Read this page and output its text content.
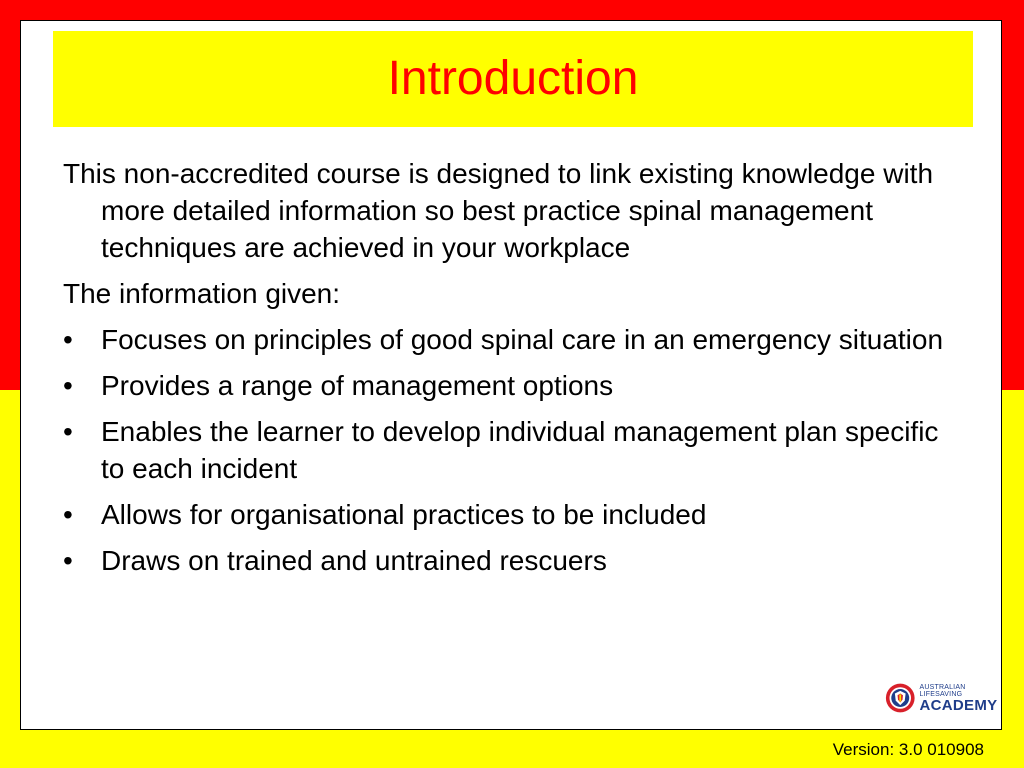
Introduction

This non-accredited course is designed to link existing knowledge with more detailed information so best practice spinal management techniques are achieved in your workplace

The information given:

•	Focuses on principles of good spinal care in an emergency situation
•	Provides a range of management options
•	Enables the learner to develop individual management plan specific to each incident
•	Allows for organisational practices to be included
•	Draws on trained and untrained rescuers
AUSTRALIAN LIFESAVING
ACADEMY
Version: 3.0 010908
